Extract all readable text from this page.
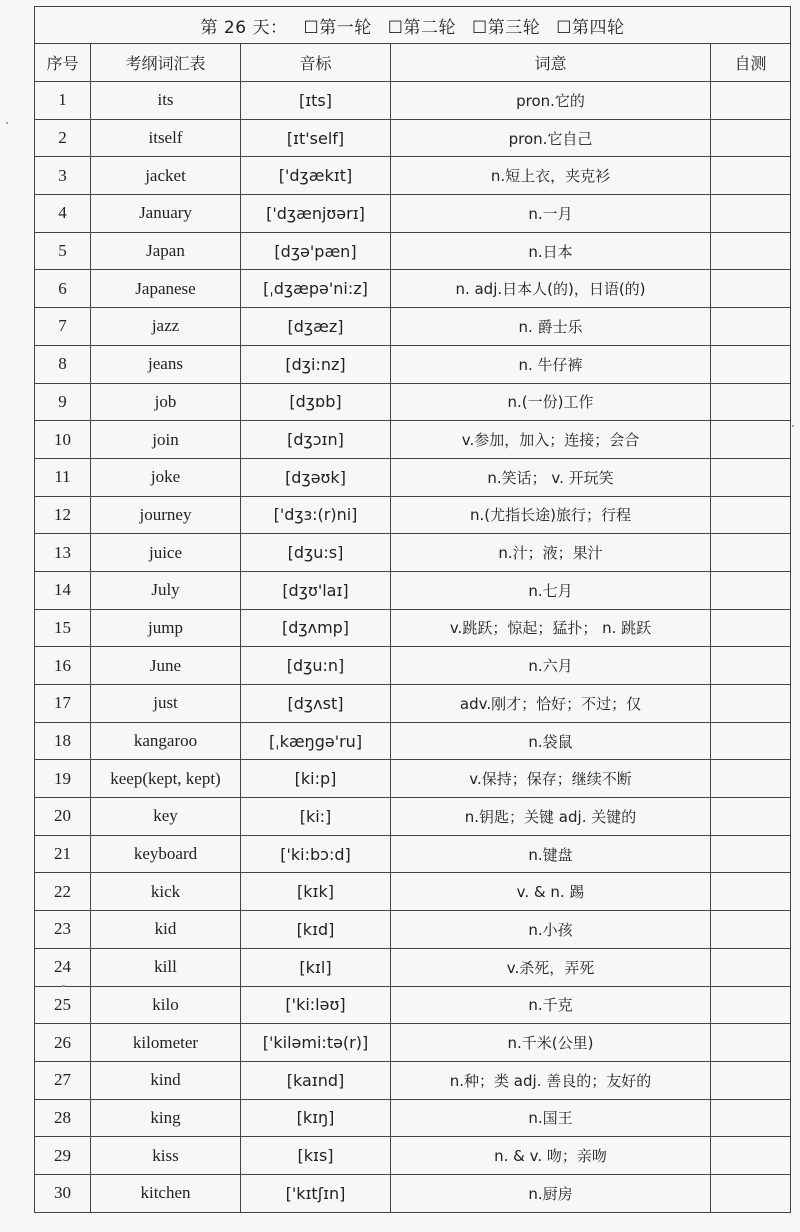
第 26 天： ☐第一轮 ☐第二轮 ☐第三轮 ☐第四轮				
序号	考纲词汇表	音标	词意	自测
1	its	[ɪts]	pron.它的	
2	itself	[ɪt'self]	pron.它自己	
3	jacket	['dʒækɪt]	n.短上衣，夹克衫	
4	January	['dʒænjʊərɪ]	n.一月	
5	Japan	[dʒə'pæn]	n.日本	
6	Japanese	[ˌdʒæpə'ni:z]	n. adj.日本人(的)，日语(的)	
7	jazz	[dʒæz]	n. 爵士乐	
8	jeans	[dʒi:nz]	n. 牛仔裤	
9	job	[dʒɒb]	n.(一份)工作	
10	join	[dʒɔɪn]	v.参加，加入；连接；会合	
11	joke	[dʒəʊk]	n.笑话； v. 开玩笑	
12	journey	['dʒɜ:(r)ni]	n.(尤指长途)旅行；行程	
13	juice	[dʒu:s]	n.汁；液；果汁	
14	July	[dʒʊ'laɪ]	n.七月	
15	jump	[dʒʌmp]	v.跳跃；惊起；猛扑； n. 跳跃	
16	June	[dʒu:n]	n.六月	
17	just	[dʒʌst]	adv.刚才；恰好；不过；仅	
18	kangaroo	[ˌkæŋgə'ru]	n.袋鼠	
19	keep(kept, kept)	[ki:p]	v.保持；保存；继续不断	
20	key	[ki:]	n.钥匙；关键 adj. 关键的	
21	keyboard	['ki:bɔ:d]	n.键盘	
22	kick	[kɪk]	v. & n. 踢	
23	kid	[kɪd]	n.小孩	
24	kill	[kɪl]	v.杀死，弄死	
25	kilo	['ki:ləʊ]	n.千克	
26	kilometer	['kiləmi:tə(r)]	n.千米(公里)	
27	kind	[kaɪnd]	n.种；类 adj. 善良的；友好的	
28	king	[kɪŋ]	n.国王	
29	kiss	[kɪs]	n. & v. 吻；亲吻	
30	kitchen	['kɪtʃɪn]	n.厨房	
